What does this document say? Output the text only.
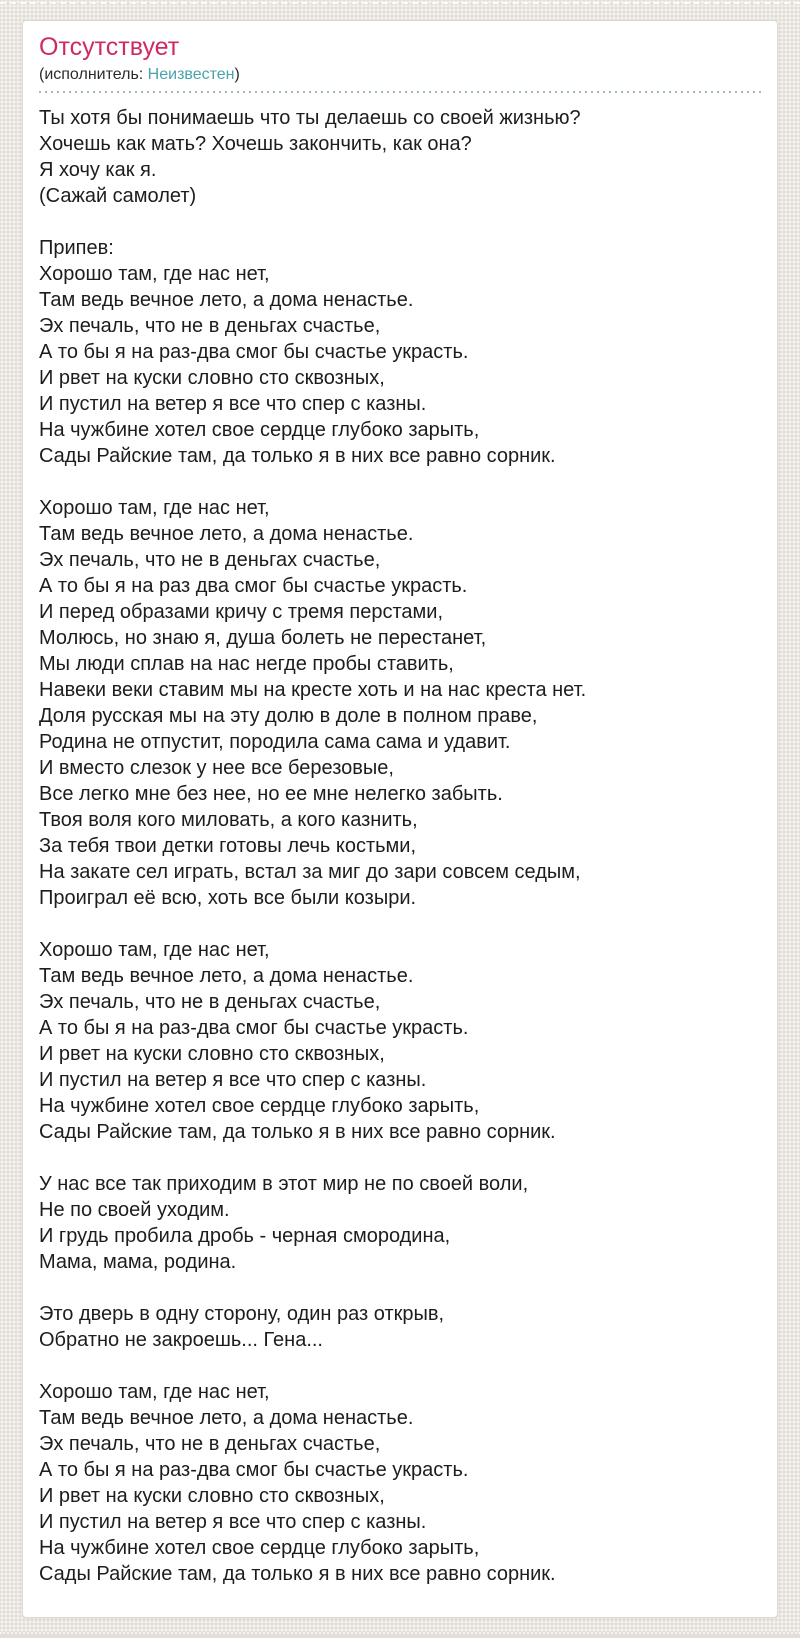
Отсутствует
(исполнитель: Неизвестен)

Ты хотя бы понимаешь что ты делаешь со своей жизнью?
Хочешь как мать? Хочешь закончить, как она?
Я хочу как я.
(Сажай самолет)

Припев:
Хорошо там, где нас нет,
Там ведь вечное лето, а дома ненастье.
Эх печаль, что не в деньгах счастье,
А то бы я на раз-два смог бы счастье украсть.
И рвет на куски словно сто сквозных,
И пустил на ветер я все что спер с казны.
На чужбине хотел свое сердце глубоко зарыть,
Сады Райские там, да только я в них все равно сорник.

Хорошо там, где нас нет,
Там ведь вечное лето, а дома ненастье.
Эх печаль, что не в деньгах счастье,
А то бы я на раз два смог бы счастье украсть.
И перед образами кричу с тремя перстами,
Молюсь, но знаю я, душа болеть не перестанет,
Мы люди сплав на нас негде пробы ставить,
Навеки веки ставим мы на кресте хоть и на нас креста нет.
Доля русская мы на эту долю в доле в полном праве,
Родина не отпустит, породила сама сама и удавит.
И вместо слезок у нее все березовые,
Все легко мне без нее, но ее мне нелегко забыть.
Твоя воля кого миловать, а кого казнить,
За тебя твои детки готовы лечь костьми,
На закате сел играть, встал за миг до зари совсем седым,
Проиграл её всю, хоть все были козыри.

Хорошо там, где нас нет,
Там ведь вечное лето, а дома ненастье.
Эх печаль, что не в деньгах счастье,
А то бы я на раз-два смог бы счастье украсть.
И рвет на куски словно сто сквозных,
И пустил на ветер я все что спер с казны.
На чужбине хотел свое сердце глубоко зарыть,
Сады Райские там, да только я в них все равно сорник.

У нас все так приходим в этот мир не по своей воли,
Не по своей уходим.
И грудь пробила дробь - черная смородина,
Мама, мама, родина.

Это дверь в одну сторону, один раз открыв,
Обратно не закроешь... Гена...

Хорошо там, где нас нет,
Там ведь вечное лето, а дома ненастье.
Эх печаль, что не в деньгах счастье,
А то бы я на раз-два смог бы счастье украсть.
И рвет на куски словно сто сквозных,
И пустил на ветер я все что спер с казны.
На чужбине хотел свое сердце глубоко зарыть,
Сады Райские там, да только я в них все равно сорник.
